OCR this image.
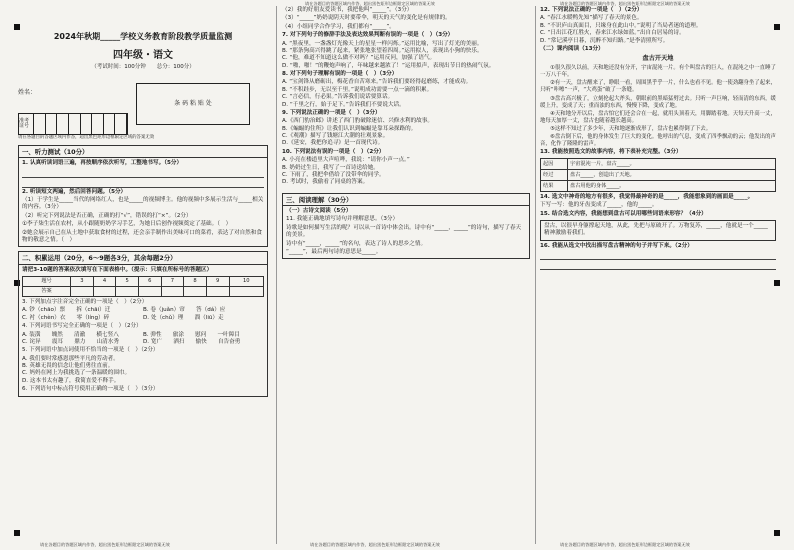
请在各题目的答题区域内作答，超出黑色矩形边框限定区域的答案无效	请在各题目的答题区域内作答，超出黑色矩形边框限定区域的答案无效
请在各题目的答题区域内作答，超出黑色矩形边框限定区域的答案无效	请在各题目的答题区域内作答，超出黑色矩形边框限定区域的答案无效	请在各题目的答题区域内作答，超出黑色矩形边框限定区域的答案无效
2024年秋期_____学校义务教育阶段教学质量监测
四年级・语文
（考试时间：100分钟　　总分：100分）
姓名：
条 码 粘 贴 处
准考证号
请在各题目的答题区域内作答，超出黑色矩形边框限定区域的答案无效
一、听力测试（10分）
1. 认真听读词语三遍，再按顺序依次听写，工整地书写。（5分）
2. 听读短文两遍，然后回答问题。（5分）
（1）于学生是_____当代的网络红人，也是_____的视频博主。他的视频中多展示生活与_____相关的内容。（3分）
（2）听完下列说法是否正确，正确的打“√”，错误的打“×”。（2分）
①李子柒生活在农村，从小跟随奶奶学习手艺，为她日后创作视频奠定了基础。（　）
②她会展示自己在从土地中获取食材的过程，还会亲手制作出美味可口的菜肴，表达了对自然和食物的敬意之情。（　）
二、积累运用（20分，6～9题各3分，其余每题2分）
请把3-10题的答案依次填写在下面表格中。（提示：只填在所标号的答题区）
题号	3	4	5	6	7	8	9	10
答案								
3. 下列加点字注音完全正确的一项是（　）（2分）
A. 钞（chāo）票　　拆（chāi）迁	B. 卷（juǎn）帘　　答（dá）应
C. 衬（chèn）衣　　零（líng）碎	D. 处（chǔ）理　　溜（liū）走
4. 下列词语书写完全正确的一项是（　）（2分）
A. 装潢　　魄然　　清澈　　横七竖八	B. 弹性　　旅涂　　慰问　　一叶障目
C. 诧异　　震耳　　鼎力　　山清水秀	D. 宽广　　洒扫　　愉快　　自告奋勇
5. 下列词语中加点词使用不恰当的一项是（　）（2分）
A. 我们要时常感恩那些平凡的劳动者。
B. 英雄无畏的信念让他们勇往直前。
C. 妈妈在网上为我挑选了一条温暖的围巾。
D. 这本书太有趣了，我简直爱不释手。
6. 下列语句中标点符号使用正确的一项是（　）（3分）
（2）我的好朋友爱读书，我把他叫“_____”。（3分）
（3）“_____”奶奶说阴天时要带伞，明天的天气的变化是有规律的。
（4）小组同学合作学习，我们都有“_____”。
7. 对下列句子的修辞手法及表达效果判断有误的一项是（　）（3分）
A. “黑夜里，一盏盏灯光像天上的星星一样闪烁。”运用比喻，写出了灯光的美丽。
B. “那条狗高兴得跳了起来，紧张地张望着四周。”运用拟人，表现出小狗的快乐。
C. “他，难道不知道这么做不对吗？”运用反问，加强了语气。
D. “啪，啪！”的鞭炮声响了，年味越来越浓了！”运用拟声，表现出节日的热闹气氛。
8. 对下列句子理解有误的一项是（　）（3分）
A. “宝剑锋从磨砺出，梅花香自苦寒来。”告诉我们要经得起磨练，才能成功。
B. “不积跬步，无以至千里。”说明成功需要一点一滴的积累。
C. “言必信，行必果。”告诉我们说话要算话。
D. “千里之行，始于足下。”告诉我们不要说大话。
9. 下列说法正确的一项是（　）（3分）
A.《西门豹治邺》讲述了西门豹破除迷信、兴修水利的故事。
B.《蝙蝠的住所》让我们认识到蝙蝠是靠耳朵探路的。
C.《观潮》描写了钱塘江大潮的壮观景象。
D.《延安，我把你追寻》是一首现代诗。
10. 下列说法有误的一项是（　）（2分）
A. 小亮在楼道里大声喧哗，我说：“请你小声一点。”
B. 奶奶过生日，我写了一首诗送给她。
C. 下雨了，我把伞借给了没带伞的同学。
D. 考试时，我偷看了同桌的答案。
三、阅读理解（30分）
（一）古诗文阅读（5分）
11. 我能正确地填写诗句并理解意思。（3分）
诗歌是如何描写生活的呢？可以从一首诗中体会出。诗中有“_____，_____”的诗句，描写了春天的美景。
诗中有“_____，_____”的名句，表达了诗人的思乡之情。
“_____”，最后两句诗的意思是_____。
12. 下列说法正确的一项是（　）（2分）
A. “春江水暖鸭先知”描写了春天的景色。
B. “不识庐山真面目，只缘身在此山中。”说明了当局者迷的道理。
C. “日出江花红胜火，春来江水绿如蓝。”出自白居易的诗。
D. “常记溪亭日暮，沉醉不知归路。”是李清照所写。
（二）课内阅读（13分）
盘古开天地

①很久很久以前，天和地还没有分开，宇宙混沌一片。有个叫盘古的巨人，在混沌之中一直睡了一万八千年。

②有一天，盘古醒来了，睁眼一看，周围黑乎乎一片，什么也看不见。他一使劲翻身坐了起来，只听“咔嚓”一声，“大鸡蛋”破了一条缝。

③盘古高兴极了，立刻抡起大斧头，朝眼前的黑暗猛劈过去。只听一声巨响，轻而清的东西，缓缓上升，变成了天；重而浊的东西，慢慢下降，变成了地。

④天和地分开以后，盘古怕它们还会合在一起，就用头顶着天，用脚踏着地。天每天升高一丈，地每天加厚一丈，盘古也随着越长越高。

⑤这样不知过了多少年，天和地逐渐成形了，盘古也累得倒了下去。

⑥盘古倒下后，他的身体发生了巨大的变化。他呼出的气息，变成了四季飘动的云；他发出的声音，化作了隆隆的雷声。

13. 我能按照选文的故事内容，将下表补充完整。（3分）
起因	宇宙混沌一片，盘古_____。
经过	盘古_____，创造出了天地。
结果	盘古用他的身体_____。
14. 选文中神奇的地方有很多，我觉得最神奇的是_____，我能想象到的画面是_____。
下写一写：他的牙齿变成了_____，他的_____。
15. 结合选文内容，我能想到盘古可以用哪些词语来形容？（4分）
盘古，以很早身躯撑起天地，从此，先把与原破开了。万物复苏，_____，他就是一个_____精神激励着我们。
16. 我能从选文中找出描写盘古精神的句子并写下来。（2分）
